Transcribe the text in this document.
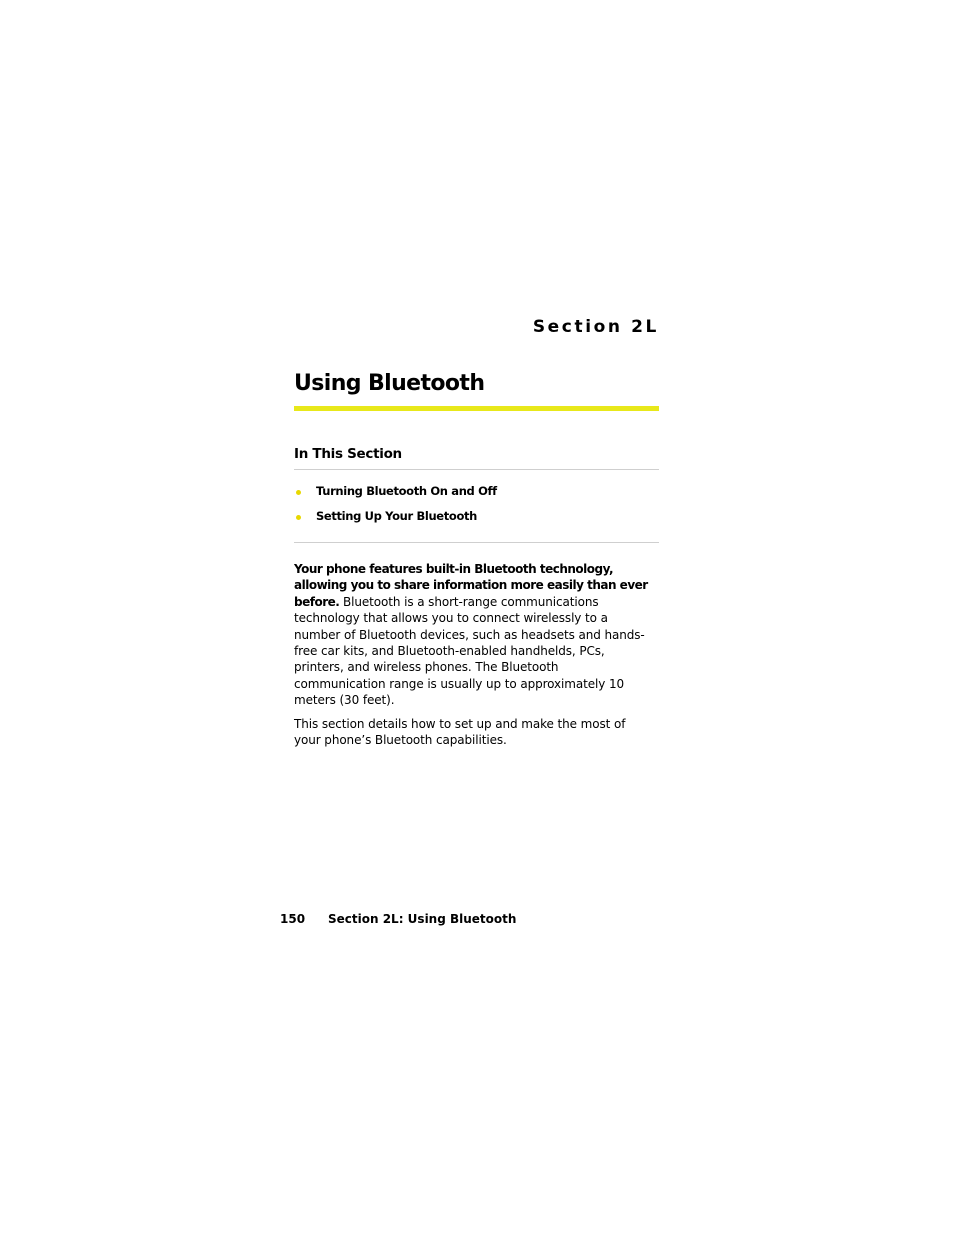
Section 2L
Using Bluetooth
In This Section
Turning Bluetooth On and Off
Setting Up Your Bluetooth

Your phone features built-in Bluetooth technology, allowing you to share information more easily than ever before. Bluetooth is a short-range communications technology that allows you to connect wirelessly to a number of Bluetooth devices, such as headsets and hands-free car kits, and Bluetooth-enabled handhelds, PCs, printers, and wireless phones. The Bluetooth communication range is usually up to approximately 10 meters (30 feet).

This section details how to set up and make the most of your phone’s Bluetooth capabilities.

150 Section 2L: Using Bluetooth
